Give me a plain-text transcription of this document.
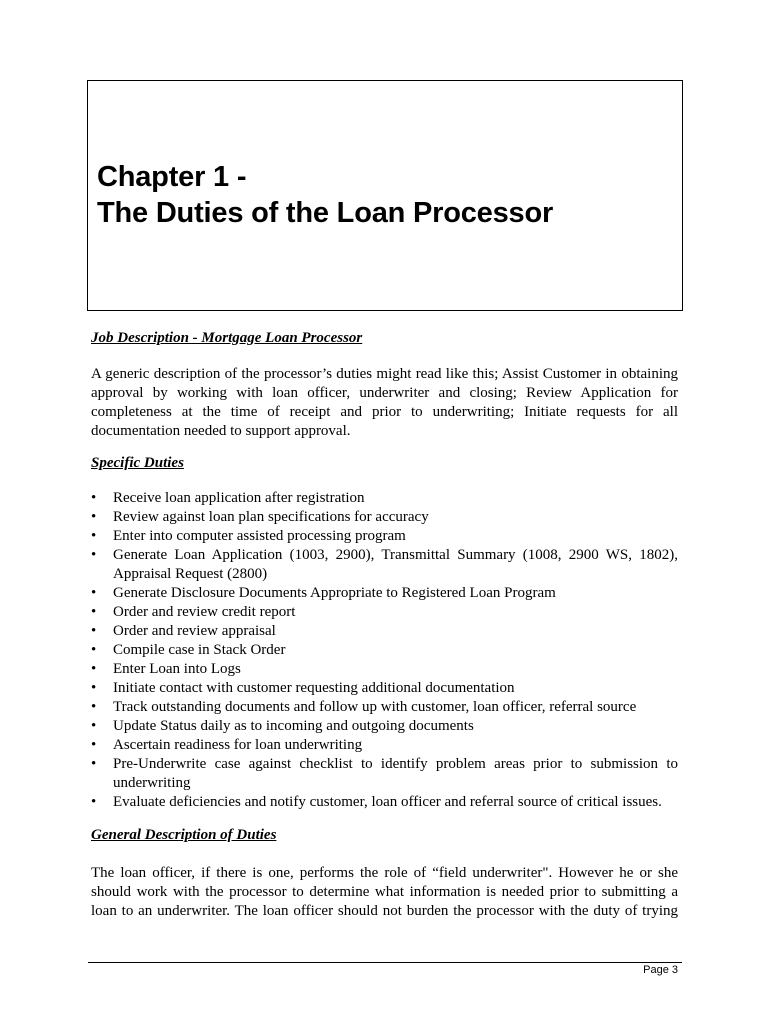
Chapter 1 -
The Duties of the Loan Processor
Job Description - Mortgage Loan Processor

A generic description of the processor’s duties might read like this; Assist Customer in obtaining
approval by working with loan officer, underwriter and closing; Review Application for
completeness at the time of receipt and prior to underwriting; Initiate requests for all
documentation needed to support approval.

Specific Duties
•	Receive loan application after registration
•	Review against loan plan specifications for accuracy
•	Enter into computer assisted processing program
•	Generate Loan Application (1003, 2900), Transmittal Summary (1008, 2900 WS, 1802), Appraisal Request (2800)
•	Generate Disclosure Documents Appropriate to Registered Loan Program
•	Order and review credit report
•	Order and review appraisal
•	Compile case in Stack Order
•	Enter Loan into Logs
•	Initiate contact with customer requesting additional documentation
•	Track outstanding documents and follow up with customer, loan officer, referral source
•	Update Status daily as to incoming and outgoing documents
•	Ascertain readiness for loan underwriting
•	Pre-Underwrite case against checklist to identify problem areas prior to submission to underwriting
•	Evaluate deficiencies and notify customer, loan officer and referral source of critical issues.
General Description of Duties

The loan officer, if there is one, performs the role of “field underwriter". However he or she
should work with the processor to determine what information is needed prior to submitting a
loan to an underwriter. The loan officer should not burden the processor with the duty of trying

Page 3
